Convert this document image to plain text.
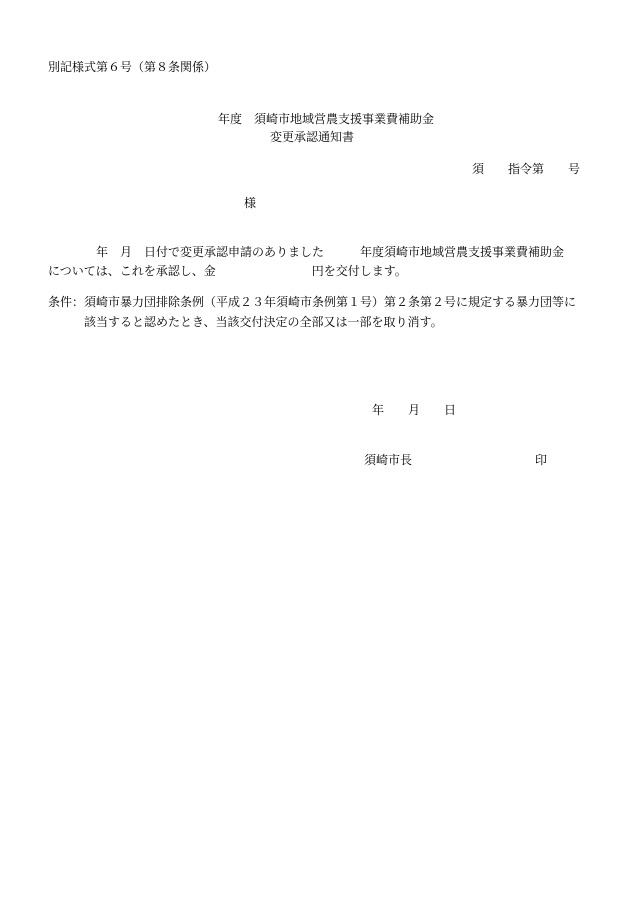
別記様式第６号（第８条関係）
年度　須崎市地域営農支援事業費補助金
変更承認通知書
須　　指令第　　号
様
　　　　年　月　日付で変更承認申請のありました　　　年度須崎市地域営農支援事業費補助金
については、これを承認し、金　　　　　　　　円を交付します。
条件：須崎市暴力団排除条例（平成２３年須崎市条例第１号）第２条第２号に規定する暴力団等に
該当すると認めたとき、当該交付決定の全部又は一部を取り消す。
年　　月　　日
須崎市長	印
